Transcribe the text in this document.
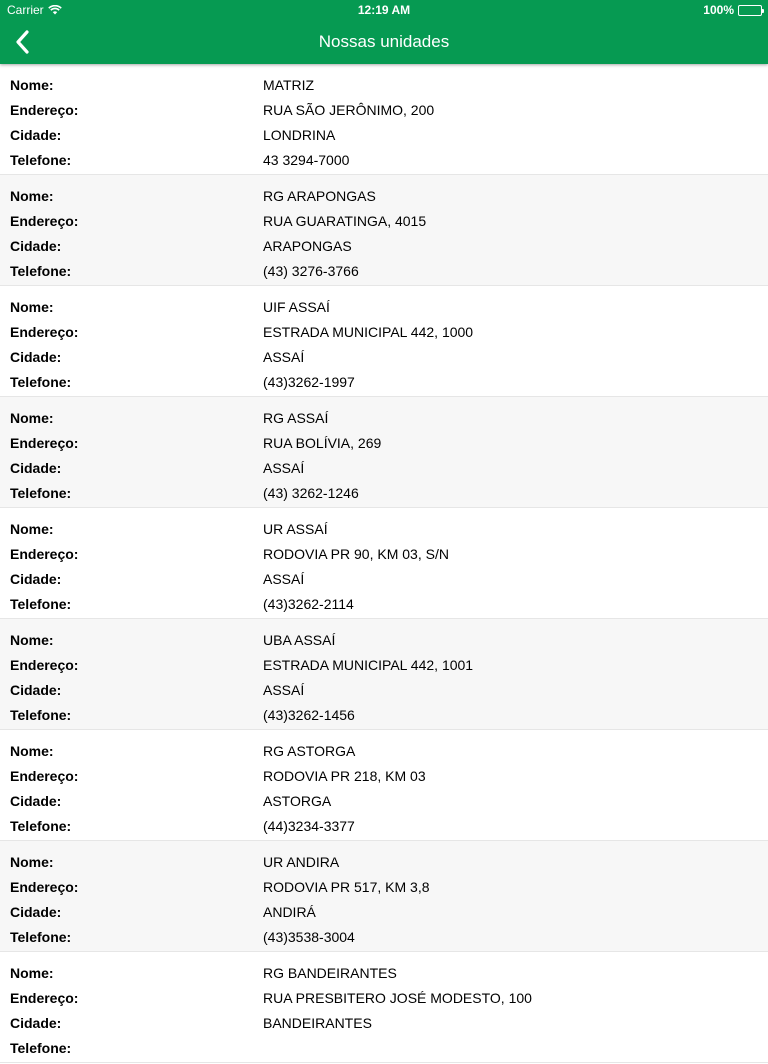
Carrier	12:19 AM	100%
Nossas unidades
Nome:	MATRIZ
Endereço:	RUA SÃO JERÔNIMO, 200
Cidade:	LONDRINA
Telefone:	43 3294-7000
Nome:	RG ARAPONGAS
Endereço:	RUA GUARATINGA, 4015
Cidade:	ARAPONGAS
Telefone:	(43) 3276-3766
Nome:	UIF ASSAÍ
Endereço:	ESTRADA MUNICIPAL 442, 1000
Cidade:	ASSAÍ
Telefone:	(43)3262-1997
Nome:	RG ASSAÍ
Endereço:	RUA BOLÍVIA, 269
Cidade:	ASSAÍ
Telefone:	(43) 3262-1246
Nome:	UR ASSAÍ
Endereço:	RODOVIA PR 90, KM 03, S/N
Cidade:	ASSAÍ
Telefone:	(43)3262-2114
Nome:	UBA ASSAÍ
Endereço:	ESTRADA MUNICIPAL 442, 1001
Cidade:	ASSAÍ
Telefone:	(43)3262-1456
Nome:	RG ASTORGA
Endereço:	RODOVIA PR 218, KM 03
Cidade:	ASTORGA
Telefone:	(44)3234-3377
Nome:	UR ANDIRA
Endereço:	RODOVIA PR 517, KM 3,8
Cidade:	ANDIRÁ
Telefone:	(43)3538-3004
Nome:	RG BANDEIRANTES
Endereço:	RUA PRESBITERO JOSÉ MODESTO, 100
Cidade:	BANDEIRANTES
Telefone:
